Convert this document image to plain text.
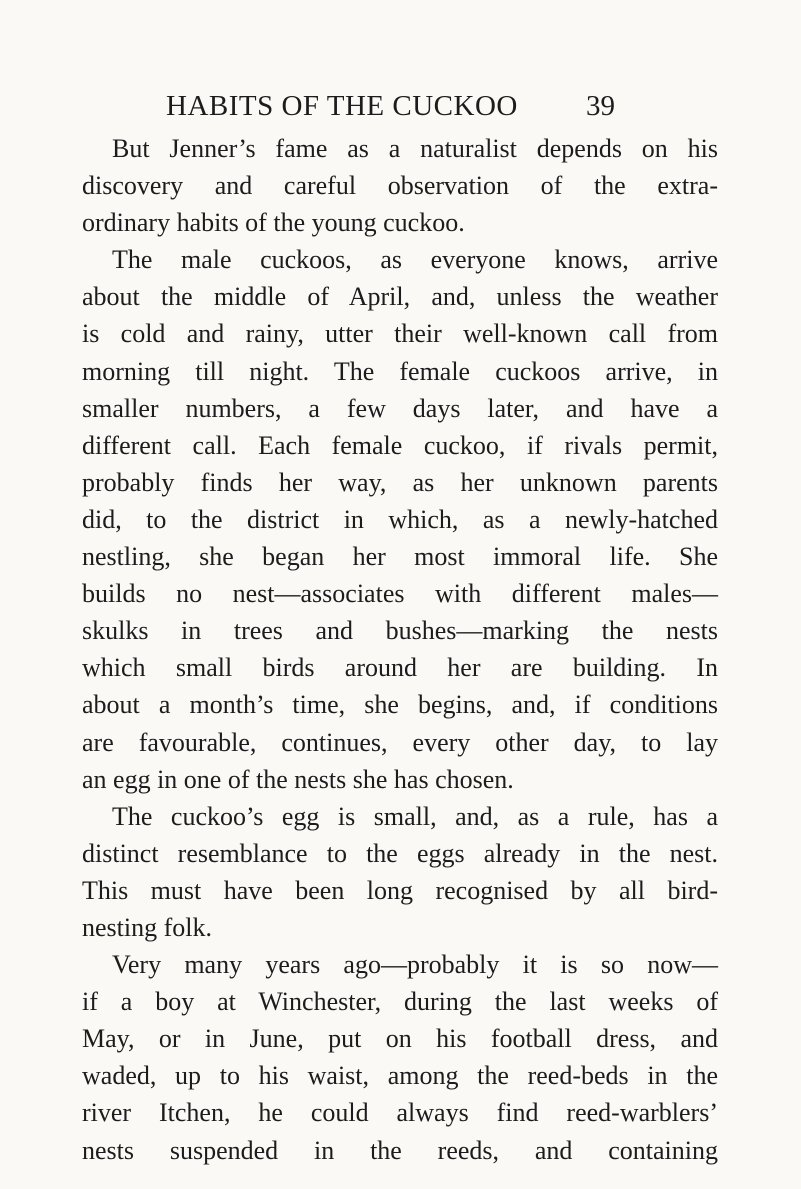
HABITS OF THE CUCKOO 39
But Jenner’s fame as a naturalist depends on his
discovery and careful observation of the extra-
ordinary habits of the young cuckoo.
The male cuckoos, as everyone knows, arrive
about the middle of April, and, unless the weather
is cold and rainy, utter their well-known call from
morning till night. The female cuckoos arrive, in
smaller numbers, a few days later, and have a
different call. Each female cuckoo, if rivals permit,
probably finds her way, as her unknown parents
did, to the district in which, as a newly-hatched
nestling, she began her most immoral life. She
builds no nest—associates with different males—
skulks in trees and bushes—marking the nests
which small birds around her are building. In
about a month’s time, she begins, and, if conditions
are favourable, continues, every other day, to lay
an egg in one of the nests she has chosen.
The cuckoo’s egg is small, and, as a rule, has a
distinct resemblance to the eggs already in the nest.
This must have been long recognised by all bird-
nesting folk.
Very many years ago—probably it is so now—
if a boy at Winchester, during the last weeks of
May, or in June, put on his football dress, and
waded, up to his waist, among the reed-beds in the
river Itchen, he could always find reed-warblers’
nests suspended in the reeds, and containing
